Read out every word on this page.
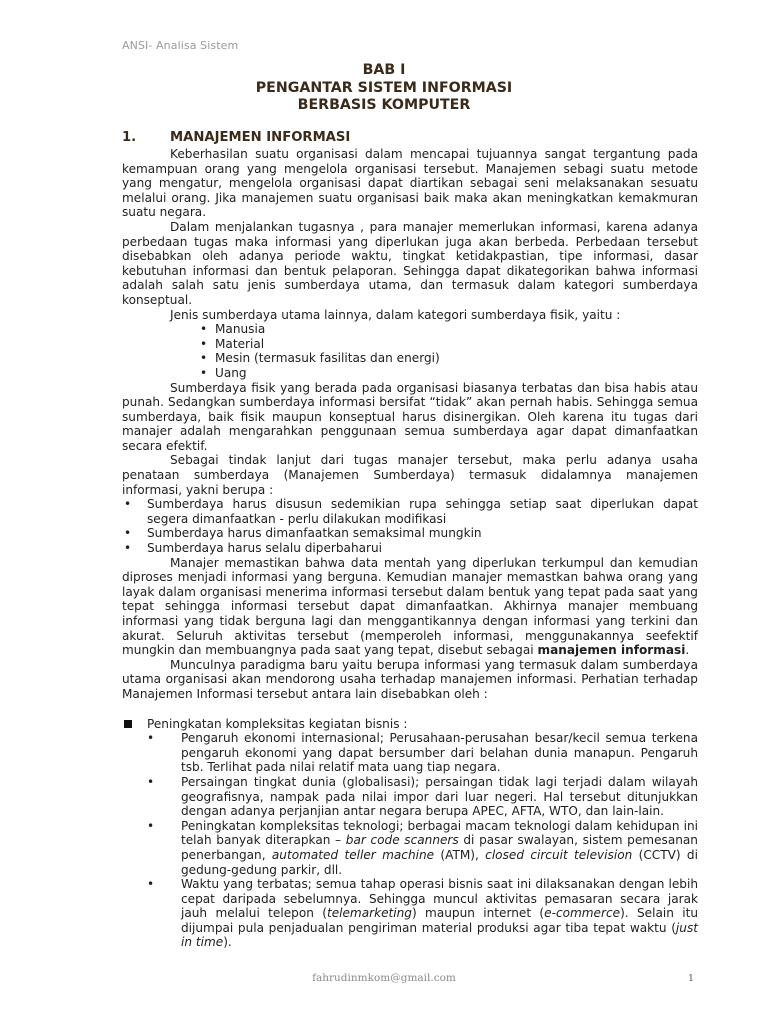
ANSI- Analisa Sistem
BAB I
PENGANTAR SISTEM INFORMASI
BERBASIS KOMPUTER
1.	MANAJEMEN INFORMASI

Keberhasilan suatu organisasi dalam mencapai tujuannya sangat tergantung pada kemampuan orang yang mengelola organisasi tersebut. Manajemen sebagi suatu metode yang mengatur, mengelola organisasi dapat diartikan sebagai seni melaksanakan sesuatu melalui orang. Jika manajemen suatu organisasi baik maka akan meningkatkan kemakmuran suatu negara.

Dalam menjalankan tugasnya , para manajer memerlukan informasi, karena adanya perbedaan tugas maka informasi yang diperlukan juga akan berbeda. Perbedaan tersebut disebabkan oleh adanya periode waktu, tingkat ketidakpastian, tipe informasi, dasar kebutuhan informasi dan bentuk pelaporan. Sehingga dapat dikategorikan bahwa informasi adalah salah satu jenis sumberdaya utama, dan termasuk dalam kategori sumberdaya konseptual.

Jenis sumberdaya utama lainnya, dalam kategori sumberdaya fisik, yaitu :

• Manusia
• Material
• Mesin (termasuk fasilitas dan energi)
• Uang

Sumberdaya fisik yang berada pada organisasi biasanya terbatas dan bisa habis atau punah. Sedangkan sumberdaya informasi bersifat “tidak” akan pernah habis. Sehingga semua sumberdaya, baik fisik maupun konseptual harus disinergikan. Oleh karena itu tugas dari manajer adalah mengarahkan penggunaan semua sumberdaya agar dapat dimanfaatkan secara efektif.

Sebagai tindak lanjut dari tugas manajer tersebut, maka perlu adanya usaha penataan sumberdaya (Manajemen Sumberdaya) termasuk didalamnya manajemen informasi, yakni berupa :

• Sumberdaya harus disusun sedemikian rupa sehingga setiap saat diperlukan dapat segera dimanfaatkan - perlu dilakukan modifikasi
• Sumberdaya harus dimanfaatkan semaksimal mungkin
• Sumberdaya harus selalu diperbaharui

Manajer memastikan bahwa data mentah yang diperlukan terkumpul dan kemudian diproses menjadi informasi yang berguna. Kemudian manajer memastkan bahwa orang yang layak dalam organisasi menerima informasi tersebut dalam bentuk yang tepat pada saat yang tepat sehingga informasi tersebut dapat dimanfaatkan. Akhirnya manajer membuang informasi yang tidak berguna lagi dan menggantikannya dengan informasi yang terkini dan akurat. Seluruh aktivitas tersebut (memperoleh informasi, menggunakannya seefektif mungkin dan membuangnya pada saat yang tepat, disebut sebagai manajemen informasi.

Munculnya paradigma baru yaitu berupa informasi yang termasuk dalam sumberdaya utama organisasi akan mendorong usaha terhadap manajemen informasi. Perhatian terhadap Manajemen Informasi tersebut antara lain disebabkan oleh :

Peningkatan kompleksitas kegiatan bisnis :
• Pengaruh ekonomi internasional; Perusahaan-perusahan besar/kecil semua terkena pengaruh ekonomi yang dapat bersumber dari belahan dunia manapun. Pengaruh tsb. Terlihat pada nilai relatif mata uang tiap negara.
• Persaingan tingkat dunia (globalisasi); persaingan tidak lagi terjadi dalam wilayah geografisnya, nampak pada nilai impor dari luar negeri. Hal tersebut ditunjukkan dengan adanya perjanjian antar negara berupa APEC, AFTA, WTO, dan lain-lain.
• Peningkatan kompleksitas teknologi; berbagai macam teknologi dalam kehidupan ini telah banyak diterapkan – bar code scanners di pasar swalayan, sistem pemesanan penerbangan, automated teller machine (ATM), closed circuit television (CCTV) di gedung-gedung parkir, dll.
• Waktu yang terbatas; semua tahap operasi bisnis saat ini dilaksanakan dengan lebih cepat daripada sebelumnya. Sehingga muncul aktivitas pemasaran secara jarak jauh melalui telepon (telemarketing) maupun internet (e-commerce). Selain itu dijumpai pula penjadualan pengiriman material produksi agar tiba tepat waktu (just in time).
fahrudinmkom@gmail.com	1
